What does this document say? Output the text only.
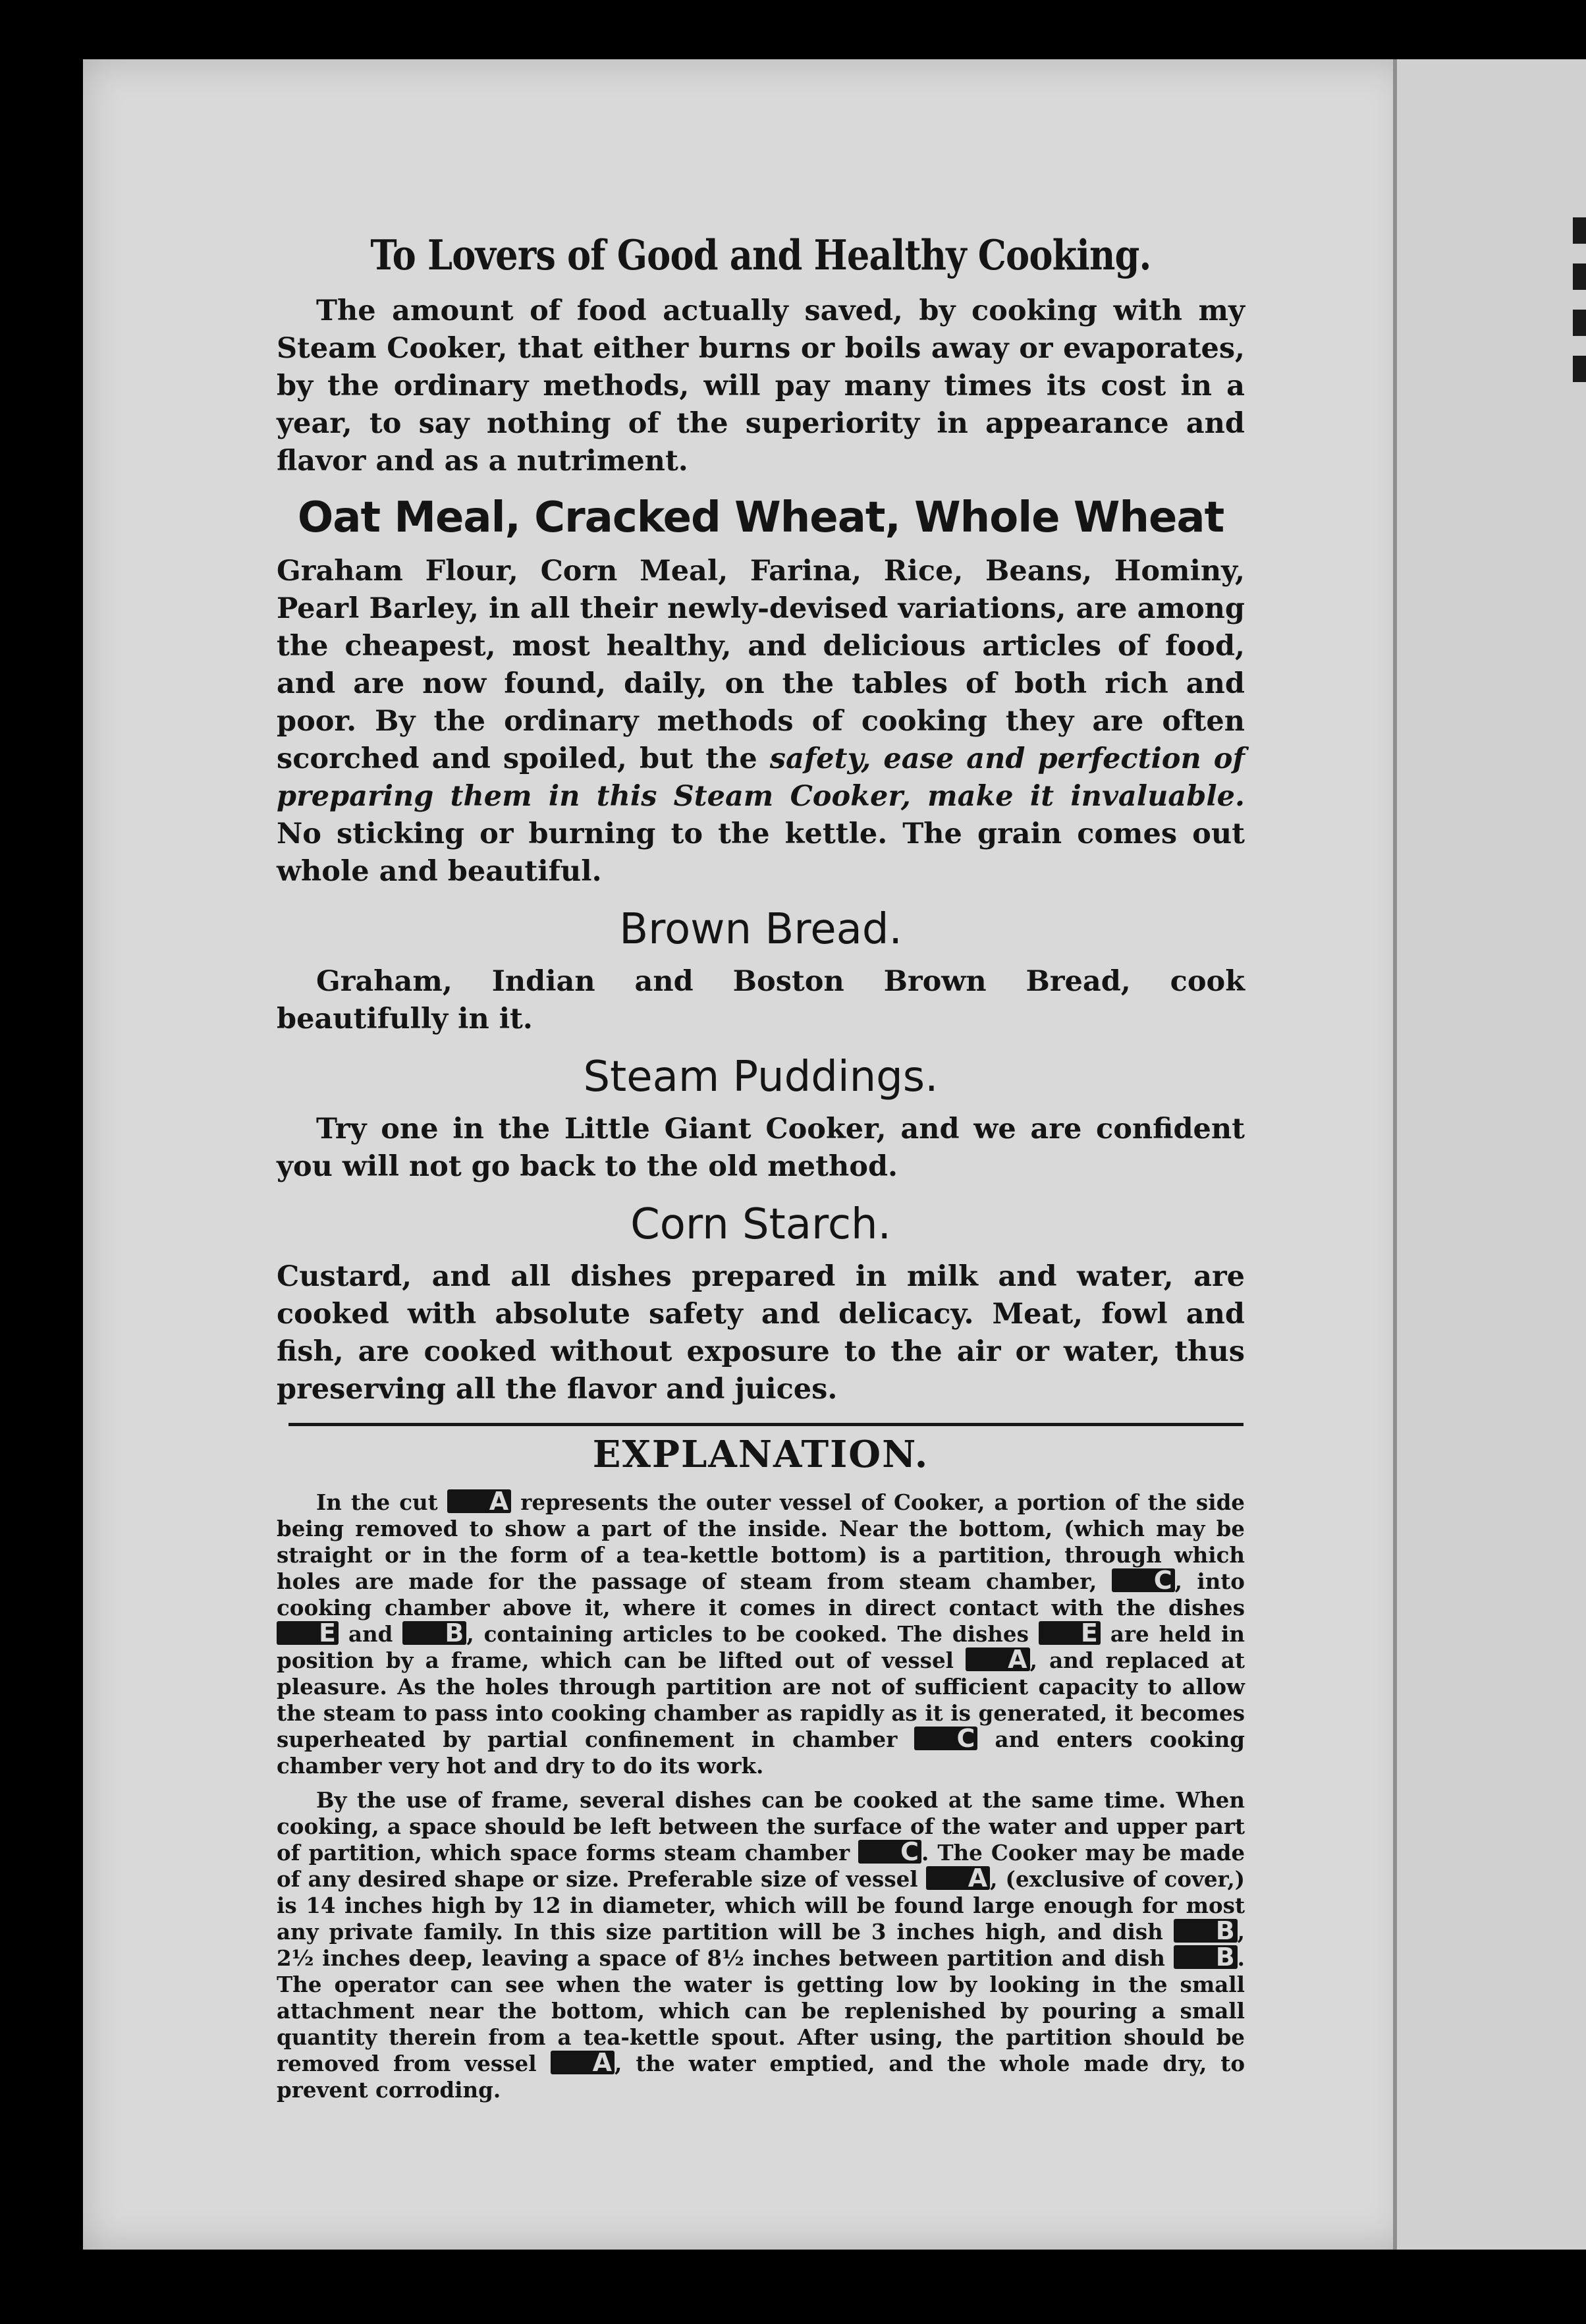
To Lovers of Good and Healthy Cooking.

The amount of food actually saved, by cooking with my Steam Cooker, that either burns or boils away or evaporates, by the ordinary methods, will pay many times its cost in a year, to say nothing of the superiority in appearance and flavor and as a nutriment.

Oat Meal, Cracked Wheat, Whole Wheat

Graham Flour, Corn Meal, Farina, Rice, Beans, Hominy, Pearl Barley, in all their newly-devised variations, are among the cheapest, most healthy, and delicious articles of food, and are now found, daily, on the tables of both rich and poor. By the ordinary methods of cooking they are often scorched and spoiled, but the safety, ease and perfection of preparing them in this Steam Cooker, make it invaluable. No sticking or burning to the kettle. The grain comes out whole and beautiful.

Brown Bread.

Graham, Indian and Boston Brown Bread, cook beautifully in it.

Steam Puddings.

Try one in the Little Giant Cooker, and we are confident you will not go back to the old method.

Corn Starch.

Custard, and all dishes prepared in milk and water, are cooked with absolute safety and delicacy. Meat, fowl and fish, are cooked without exposure to the air or water, thus preserving all the flavor and juices.

EXPLANATION.

In the cut A represents the outer vessel of Cooker, a portion of the side being removed to show a part of the inside. Near the bottom, (which may be straight or in the form of a tea-kettle bottom) is a partition, through which holes are made for the passage of steam from steam chamber, C , into cooking chamber above it, where it comes in direct contact with the dishes E and B , containing articles to be cooked. The dishes E are held in position by a frame, which can be lifted out of vessel A , and replaced at pleasure. As the holes through partition are not of sufficient capacity to allow the steam to pass into cooking chamber as rapidly as it is generated, it becomes superheated by partial confinement in chamber C and enters cooking chamber very hot and dry to do its work.

By the use of frame, several dishes can be cooked at the same time. When cooking, a space should be left between the surface of the water and upper part of partition, which space forms steam chamber C . The Cooker may be made of any desired shape or size. Preferable size of vessel A , (exclusive of cover,) is 14 inches high by 12 in diameter, which will be found large enough for most any private family. In this size partition will be 3 inches high, and dish B , 2½ inches deep, leaving a space of 8½ inches between partition and dish B . The operator can see when the water is getting low by looking in the small attachment near the bottom, which can be replenished by pouring a small quantity therein from a tea-kettle spout. After using, the partition should be removed from vessel A , the water emptied, and the whole made dry, to prevent corroding.
